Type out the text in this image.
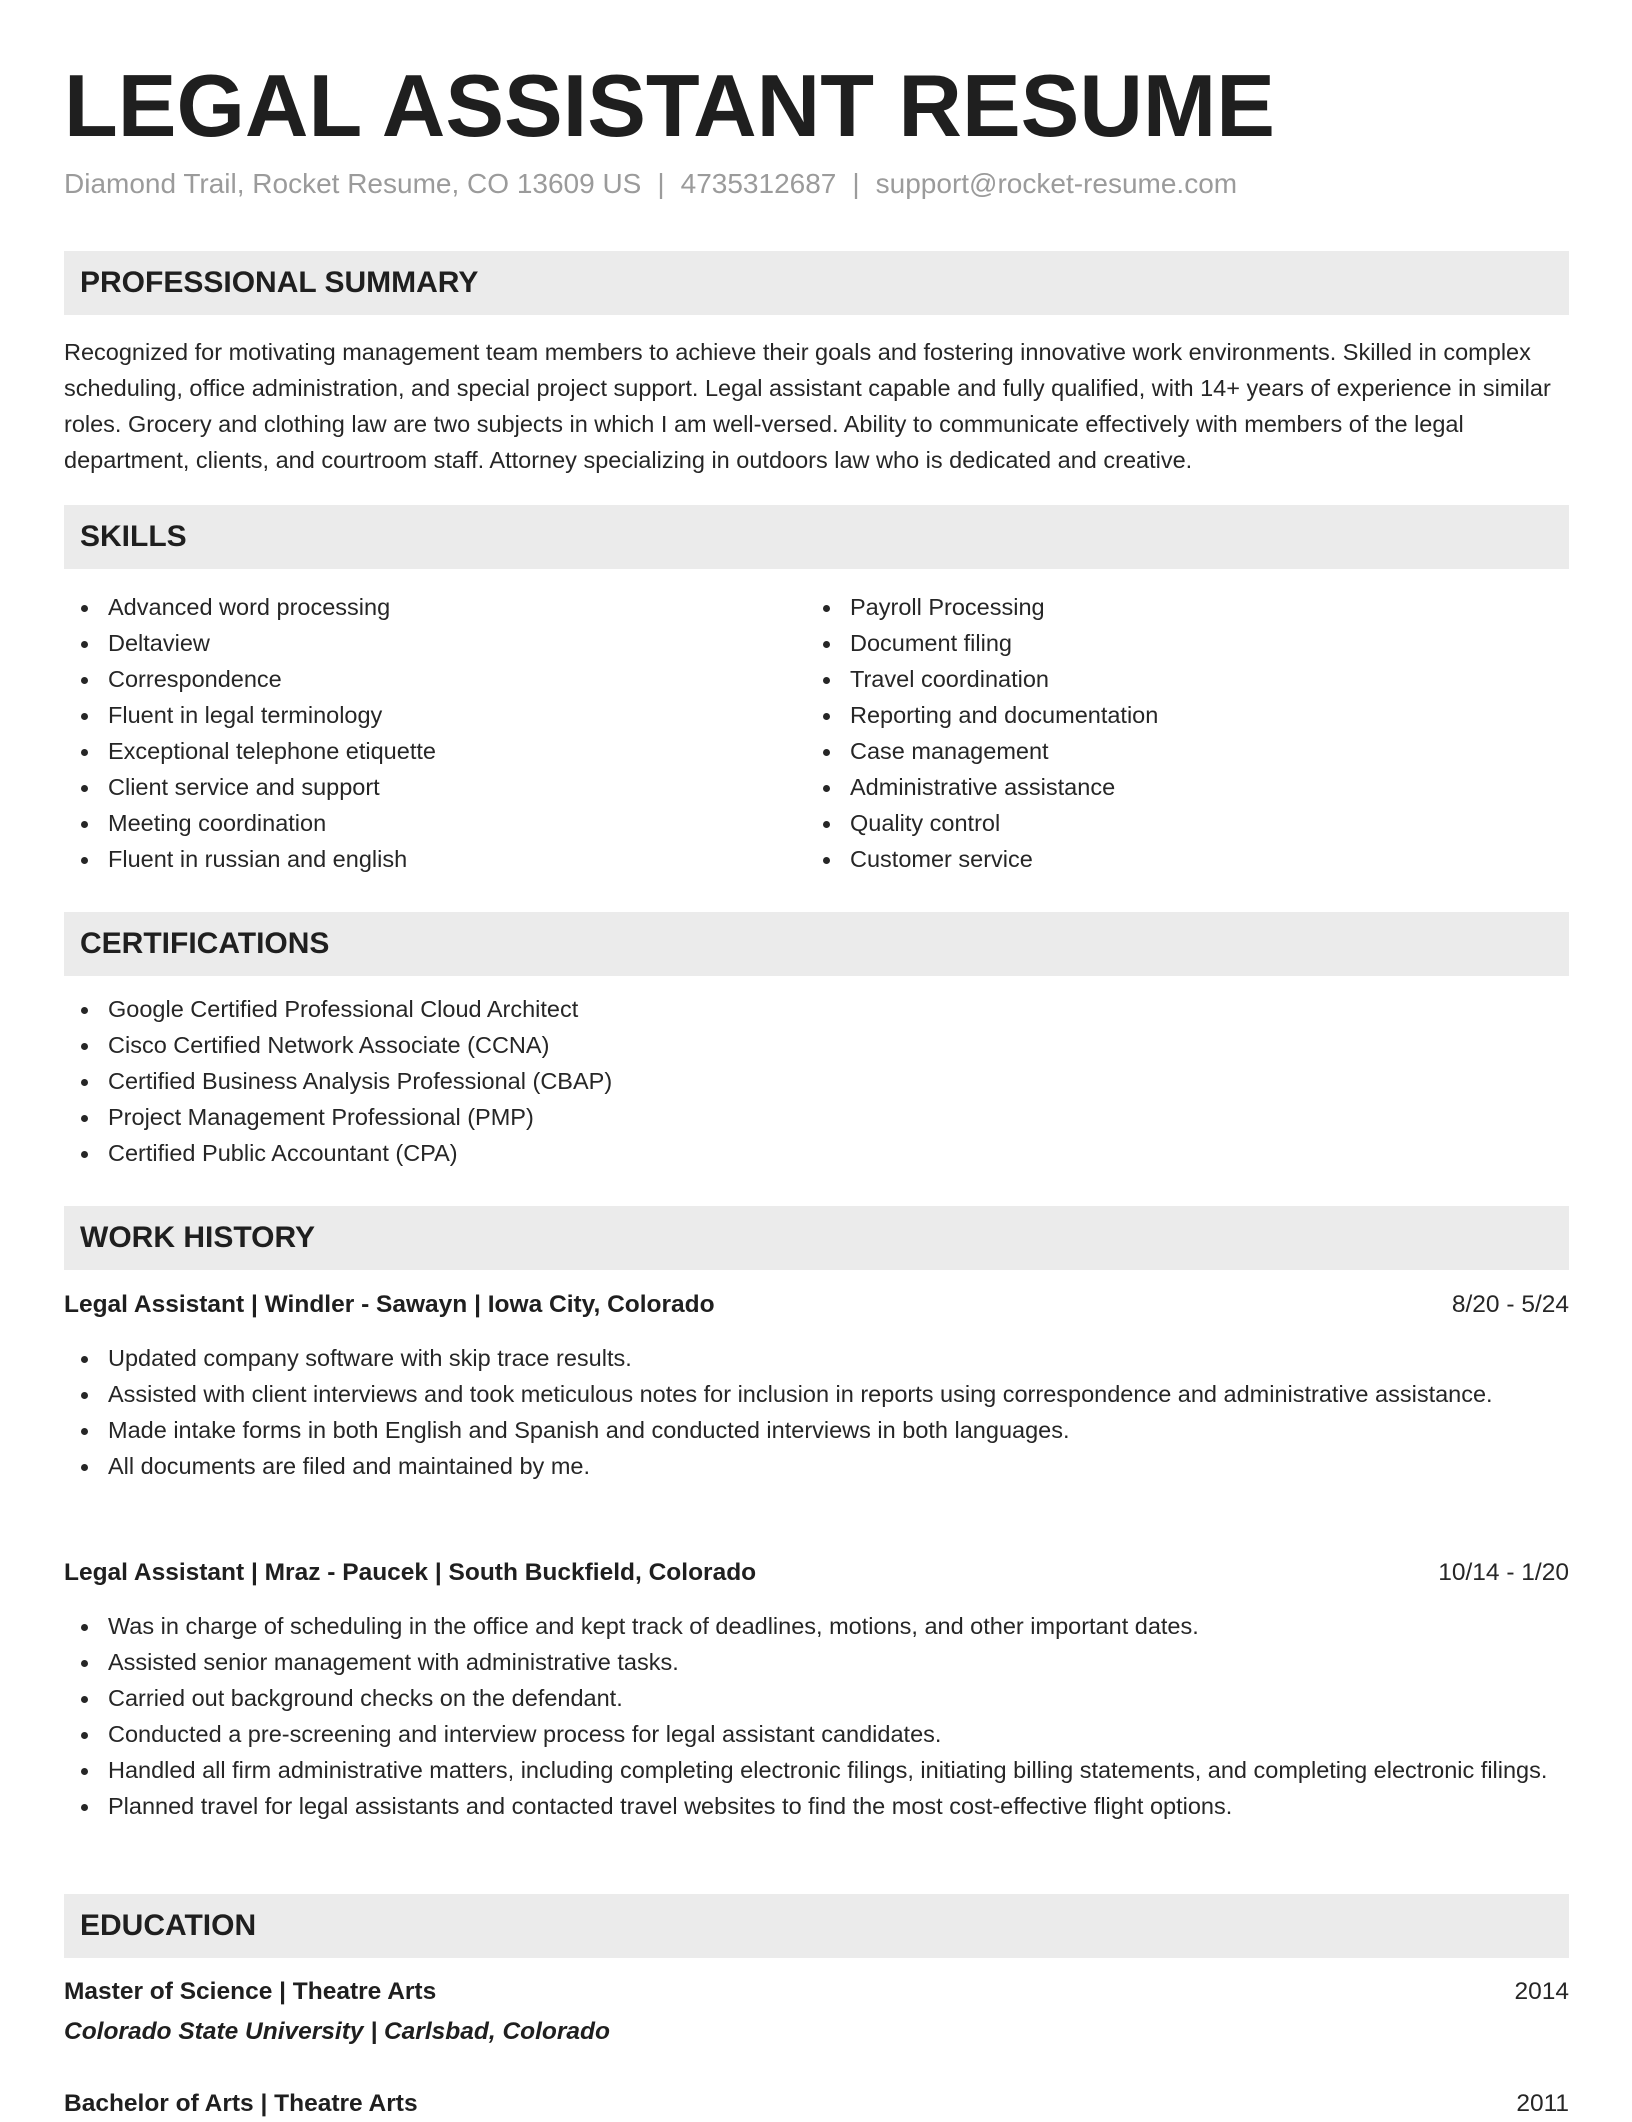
LEGAL ASSISTANT RESUME
Diamond Trail, Rocket Resume, CO 13609 US | 4735312687 | support@rocket-resume.com
PROFESSIONAL SUMMARY
Recognized for motivating management team members to achieve their goals and fostering innovative work environments. Skilled in complex scheduling, office administration, and special project support. Legal assistant capable and fully qualified, with 14+ years of experience in similar roles. Grocery and clothing law are two subjects in which I am well-versed. Ability to communicate effectively with members of the legal department, clients, and courtroom staff. Attorney specializing in outdoors law who is dedicated and creative.
SKILLS
Advanced word processing
Deltaview
Correspondence
Fluent in legal terminology
Exceptional telephone etiquette
Client service and support
Meeting coordination
Fluent in russian and english
Payroll Processing
Document filing
Travel coordination
Reporting and documentation
Case management
Administrative assistance
Quality control
Customer service
CERTIFICATIONS
Google Certified Professional Cloud Architect
Cisco Certified Network Associate (CCNA)
Certified Business Analysis Professional (CBAP)
Project Management Professional (PMP)
Certified Public Accountant (CPA)
WORK HISTORY
Legal Assistant | Windler - Sawayn | Iowa City, Colorado	8/20 - 5/24
Updated company software with skip trace results.
Assisted with client interviews and took meticulous notes for inclusion in reports using correspondence and administrative assistance.
Made intake forms in both English and Spanish and conducted interviews in both languages.
All documents are filed and maintained by me.
Legal Assistant | Mraz - Paucek | South Buckfield, Colorado	10/14 - 1/20
Was in charge of scheduling in the office and kept track of deadlines, motions, and other important dates.
Assisted senior management with administrative tasks.
Carried out background checks on the defendant.
Conducted a pre-screening and interview process for legal assistant candidates.
Handled all firm administrative matters, including completing electronic filings, initiating billing statements, and completing electronic filings.
Planned travel for legal assistants and contacted travel websites to find the most cost-effective flight options.
EDUCATION
Master of Science | Theatre Arts	2014
Colorado State University | Carlsbad, Colorado
Bachelor of Arts | Theatre Arts	2011
